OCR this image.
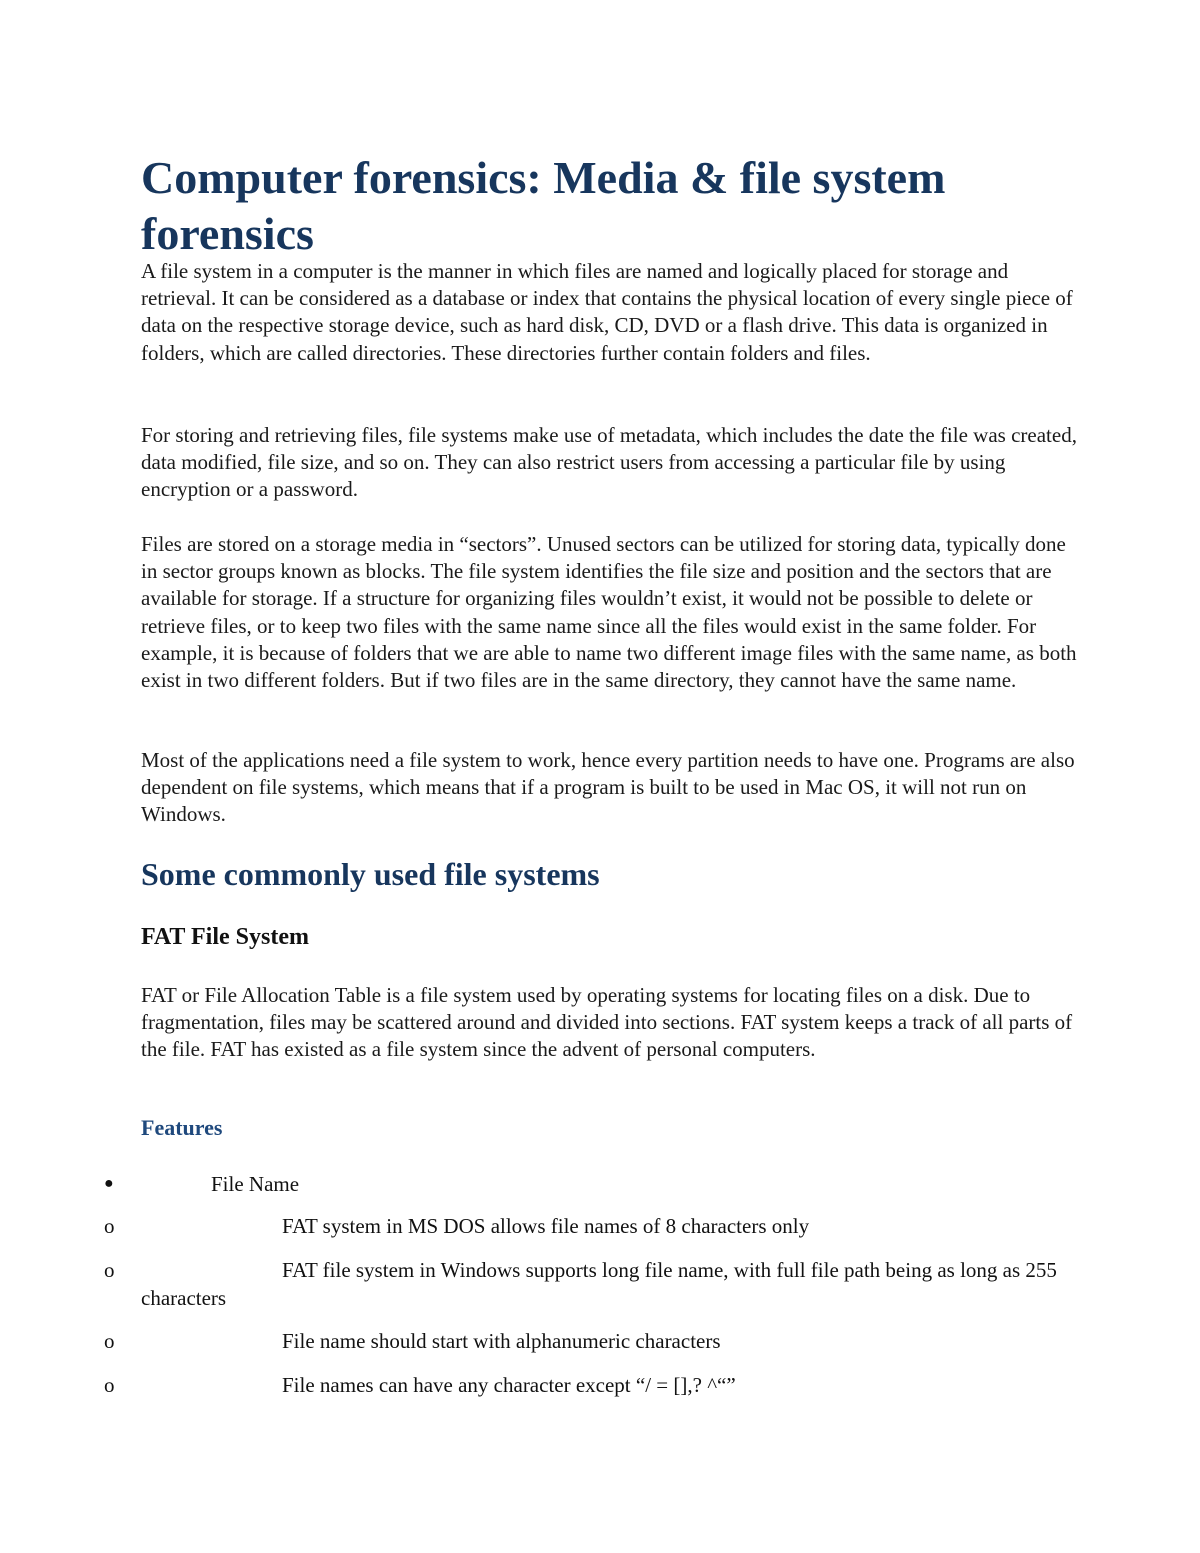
Computer forensics: Media & file system forensics

A file system in a computer is the manner in which files are named and logically placed for storage and retrieval. It can be considered as a database or index that contains the physical location of every single piece of data on the respective storage device, such as hard disk, CD, DVD or a flash drive. This data is organized in folders, which are called directories. These directories further contain folders and files.

For storing and retrieving files, file systems make use of metadata, which includes the date the file was created, data modified, file size, and so on. They can also restrict users from accessing a particular file by using encryption or a password.

Files are stored on a storage media in “sectors”. Unused sectors can be utilized for storing data, typically done in sector groups known as blocks. The file system identifies the file size and position and the sectors that are available for storage. If a structure for organizing files wouldn’t exist, it would not be possible to delete or retrieve files, or to keep two files with the same name since all the files would exist in the same folder. For example, it is because of folders that we are able to name two different image files with the same name, as both exist in two different folders. But if two files are in the same directory, they cannot have the same name.

Most of the applications need a file system to work, hence every partition needs to have one. Programs are also dependent on file systems, which means that if a program is built to be used in Mac OS, it will not run on Windows.

Some commonly used file systems
FAT File System

FAT or File Allocation Table is a file system used by operating systems for locating files on a disk. Due to fragmentation, files may be scattered around and divided into sections. FAT system keeps a track of all parts of the file. FAT has existed as a file system since the advent of personal computers.

Features
●	File Name
o	FAT system in MS DOS allows file names of 8 characters only
o	FAT file system in Windows supports long file name, with full file path being as long as 255 characters
o	File name should start with alphanumeric characters
o	File names can have any character except “/ = [],? ^“”
